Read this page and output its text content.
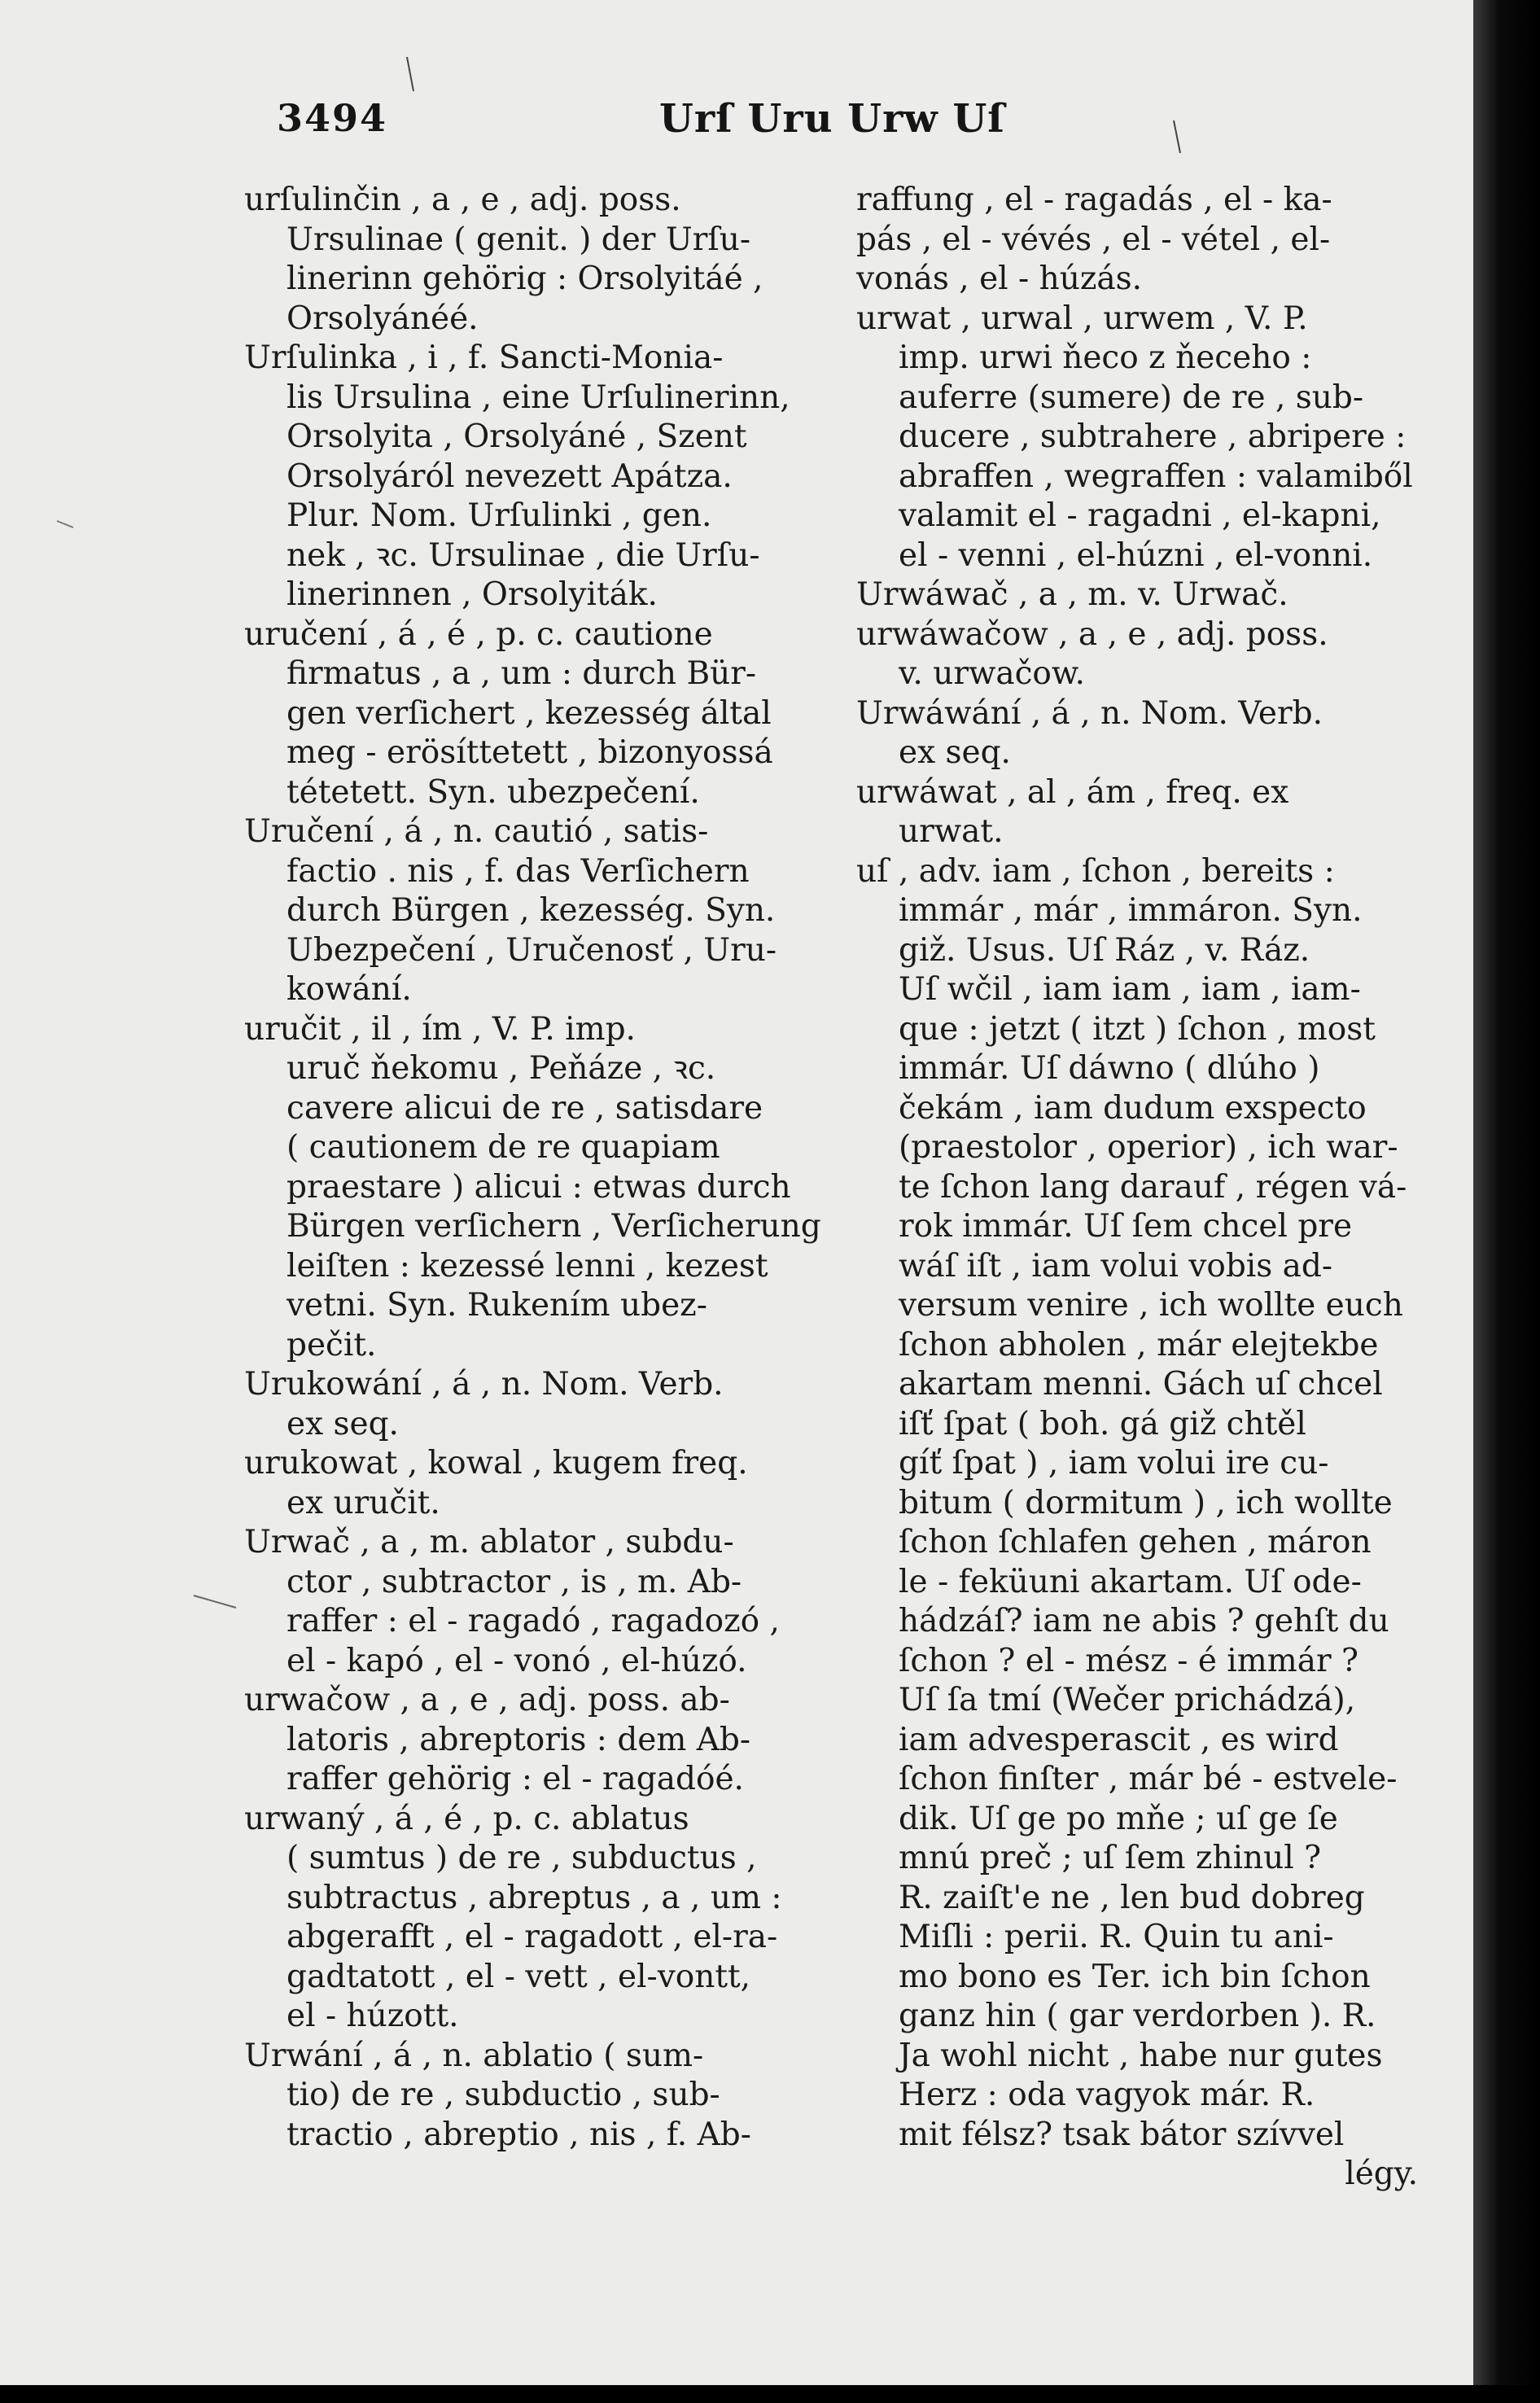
3494	Urſ Uru Urw Uſ
urſulinčin , a , e , adj. poss.
Ursulinae ( genit. ) der Urſu-
linerinn gehörig : Orsolyitáé ,
Orsolyánéé.
Urſulinka , i , f. Sancti-Monia-
lis Ursulina , eine Urſulinerinn,
Orsolyita , Orsolyáné , Szent
Orsolyáról nevezett Apátza.
Plur. Nom. Urſulinki , gen.
nek , ꝛc. Ursulinae , die Urſu-
linerinnen , Orsolyiták.
uručení , á , é , p. c. cautione
firmatus , a , um : durch Bür-
gen verſichert , kezesség által
meg - erösíttetett , bizonyossá
tétetett. Syn. ubezpečení.
Uručení , á , n. cautió , satis-
factio . nis , f. das Verſichern
durch Bürgen , kezesség. Syn.
Ubezpečení , Uručenosť , Uru-
kowání.
uručit , il , ím , V. P. imp.
uruč ňekomu , Peňáze , ꝛc.
cavere alicui de re , satisdare
( cautionem de re quapiam
praestare ) alicui : etwas durch
Bürgen verſichern , Verſicherung
leiſten : kezessé lenni , kezest
vetni. Syn. Rukením ubez-
pečit.
Urukowání , á , n. Nom. Verb.
ex seq.
urukowat , kowal , kugem freq.
ex uručit.
Urwač , a , m. ablator , subdu-
ctor , subtractor , is , m. Ab-
raffer : el - ragadó , ragadozó ,
el - kapó , el - vonó , el-húzó.
urwačow , a , e , adj. poss. ab-
latoris , abreptoris : dem Ab-
raffer gehörig : el - ragadóé.
urwaný , á , é , p. c. ablatus
( sumtus ) de re , subductus ,
subtractus , abreptus , a , um :
abgerafft , el - ragadott , el-ra-
gadtatott , el - vett , el-vontt,
el - húzott.
Urwání , á , n. ablatio ( sum-
tio) de re , subductio , sub-
tractio , abreptio , nis , f. Ab-
raffung , el - ragadás , el - ka-
pás , el - vévés , el - vétel , el-
vonás , el - húzás.
urwat , urwal , urwem , V. P.
imp. urwi ňeco z ňeceho :
auferre (sumere) de re , sub-
ducere , subtrahere , abripere :
abraffen , wegraffen : valamiből
valamit el - ragadni , el-kapni,
el - venni , el-húzni , el-vonni.
Urwáwač , a , m. v. Urwač.
urwáwačow , a , e , adj. poss.
v. urwačow.
Urwáwání , á , n. Nom. Verb.
ex seq.
urwáwat , al , ám , freq. ex
urwat.
uſ , adv. iam , ſchon , bereits :
immár , már , immáron. Syn.
giž. Usus. Uſ Ráz , v. Ráz.
Uſ wčil , iam iam , iam , iam-
que : jetzt ( itzt ) ſchon , most
immár. Uſ dáwno ( dlúho )
čekám , iam dudum exspecto
(praestolor , operior) , ich war-
te ſchon lang darauf , régen vá-
rok immár. Uſ ſem chcel pre
wáſ iſt , iam volui vobis ad-
versum venire , ich wollte euch
ſchon abholen , már elejtekbe
akartam menni. Gách uſ chcel
iſť ſpat ( boh. gá giž chtěl
gíť ſpat ) , iam volui ire cu-
bitum ( dormitum ) , ich wollte
ſchon ſchlafen gehen , máron
le - feküuni akartam. Uſ ode-
hádzáſ? iam ne abis ? gehſt du
ſchon ? el - mész - é immár ?
Uſ ſa tmí (Wečer prichádzá),
iam advesperascit , es wird
ſchon finſter , már bé - estvele-
dik. Uſ ge po mňe ; uſ ge ſe
mnú preč ; uſ ſem zhinul ?
R. zaiſt'e ne , len bud dobreg
Miſli : perii. R. Quin tu ani-
mo bono es Ter. ich bin ſchon
ganz hin ( gar verdorben ). R.
Ja wohl nicht , habe nur gutes
Herz : oda vagyok már. R.
mit félsz? tsak bátor szívvel
légy.
